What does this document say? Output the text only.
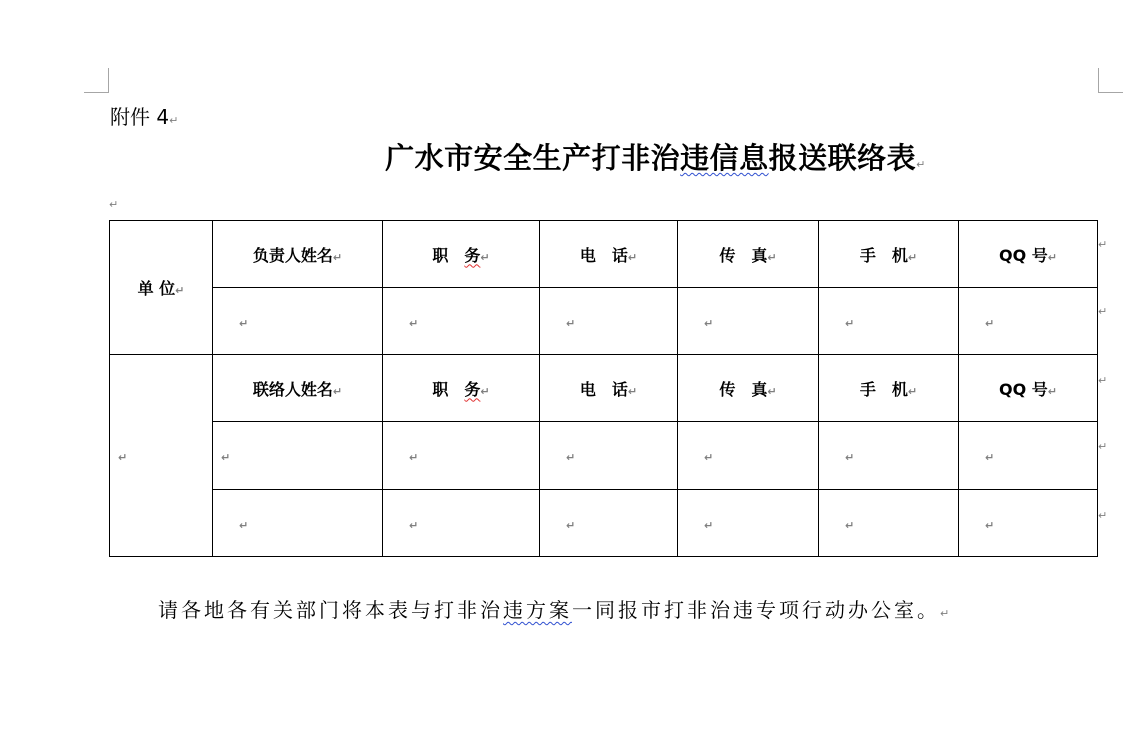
附件 4↵
广水市安全生产打非治违信息报送联络表↵
↵
单 位↵	负责人姓名↵	职　务↵	电　话↵	传　真↵	手　机↵	QQ 号↵
	↵	↵	↵	↵	↵	↵
↵	联络人姓名↵	职　务↵	电　话↵	传　真↵	手　机↵	QQ 号↵
	↵	↵	↵	↵	↵	↵
	↵	↵	↵	↵	↵	↵
↵
↵
↵
↵
↵
请各地各有关部门将本表与打非治违方案一同报市打非治违专项行动办公室。↵
